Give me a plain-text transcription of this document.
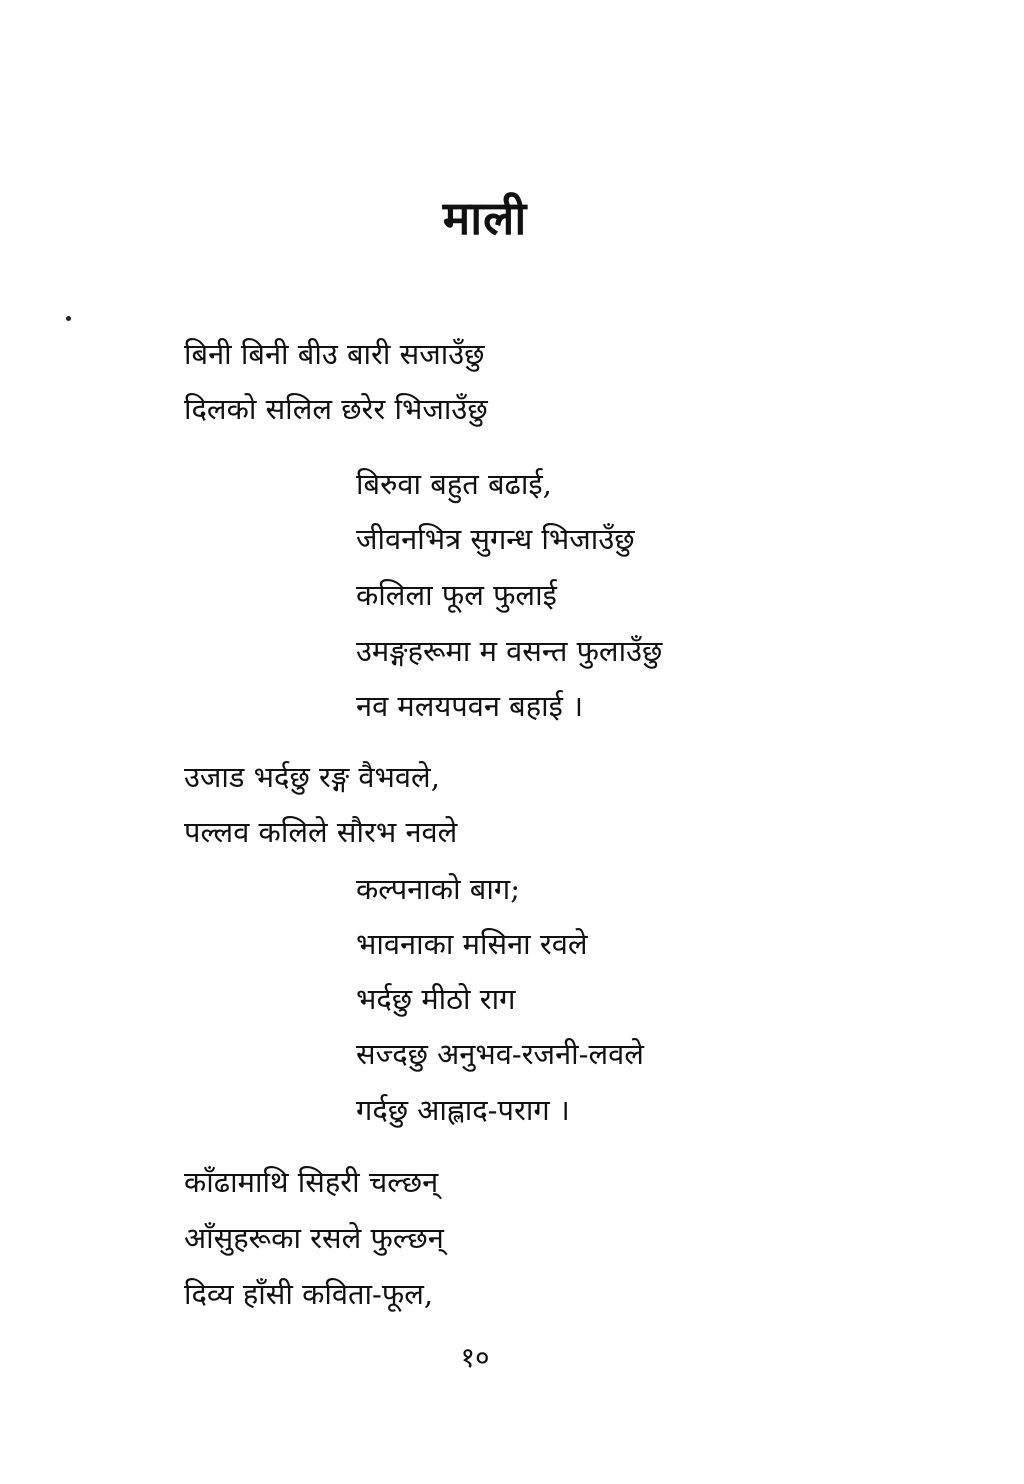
माली
बिनी बिनी बीउ बारी सजाउँछु
दिलको सलिल छरेर भिजाउँछु
बिरुवा बहुत बढाई,
जीवनभित्र सुगन्ध भिजाउँछु
कलिला फूल फुलाई
उमङ्गहरूमा म वसन्त फुलाउँछु
नव मलयपवन बहाई ।
उजाड भर्दछु रङ्ग वैभवले,
पल्लव कलिले सौरभ नवले
कल्पनाको बाग;
भावनाका मसिना रवले
भर्दछु मीठो राग
सज्दछु अनुभव-रजनी-लवले
गर्दछु आह्लाद-पराग ।
काँढामाथि सिहरी चल्छन्
आँसुहरूका रसले फुल्छन्
दिव्य हाँसी कविता-फूल,
१०
